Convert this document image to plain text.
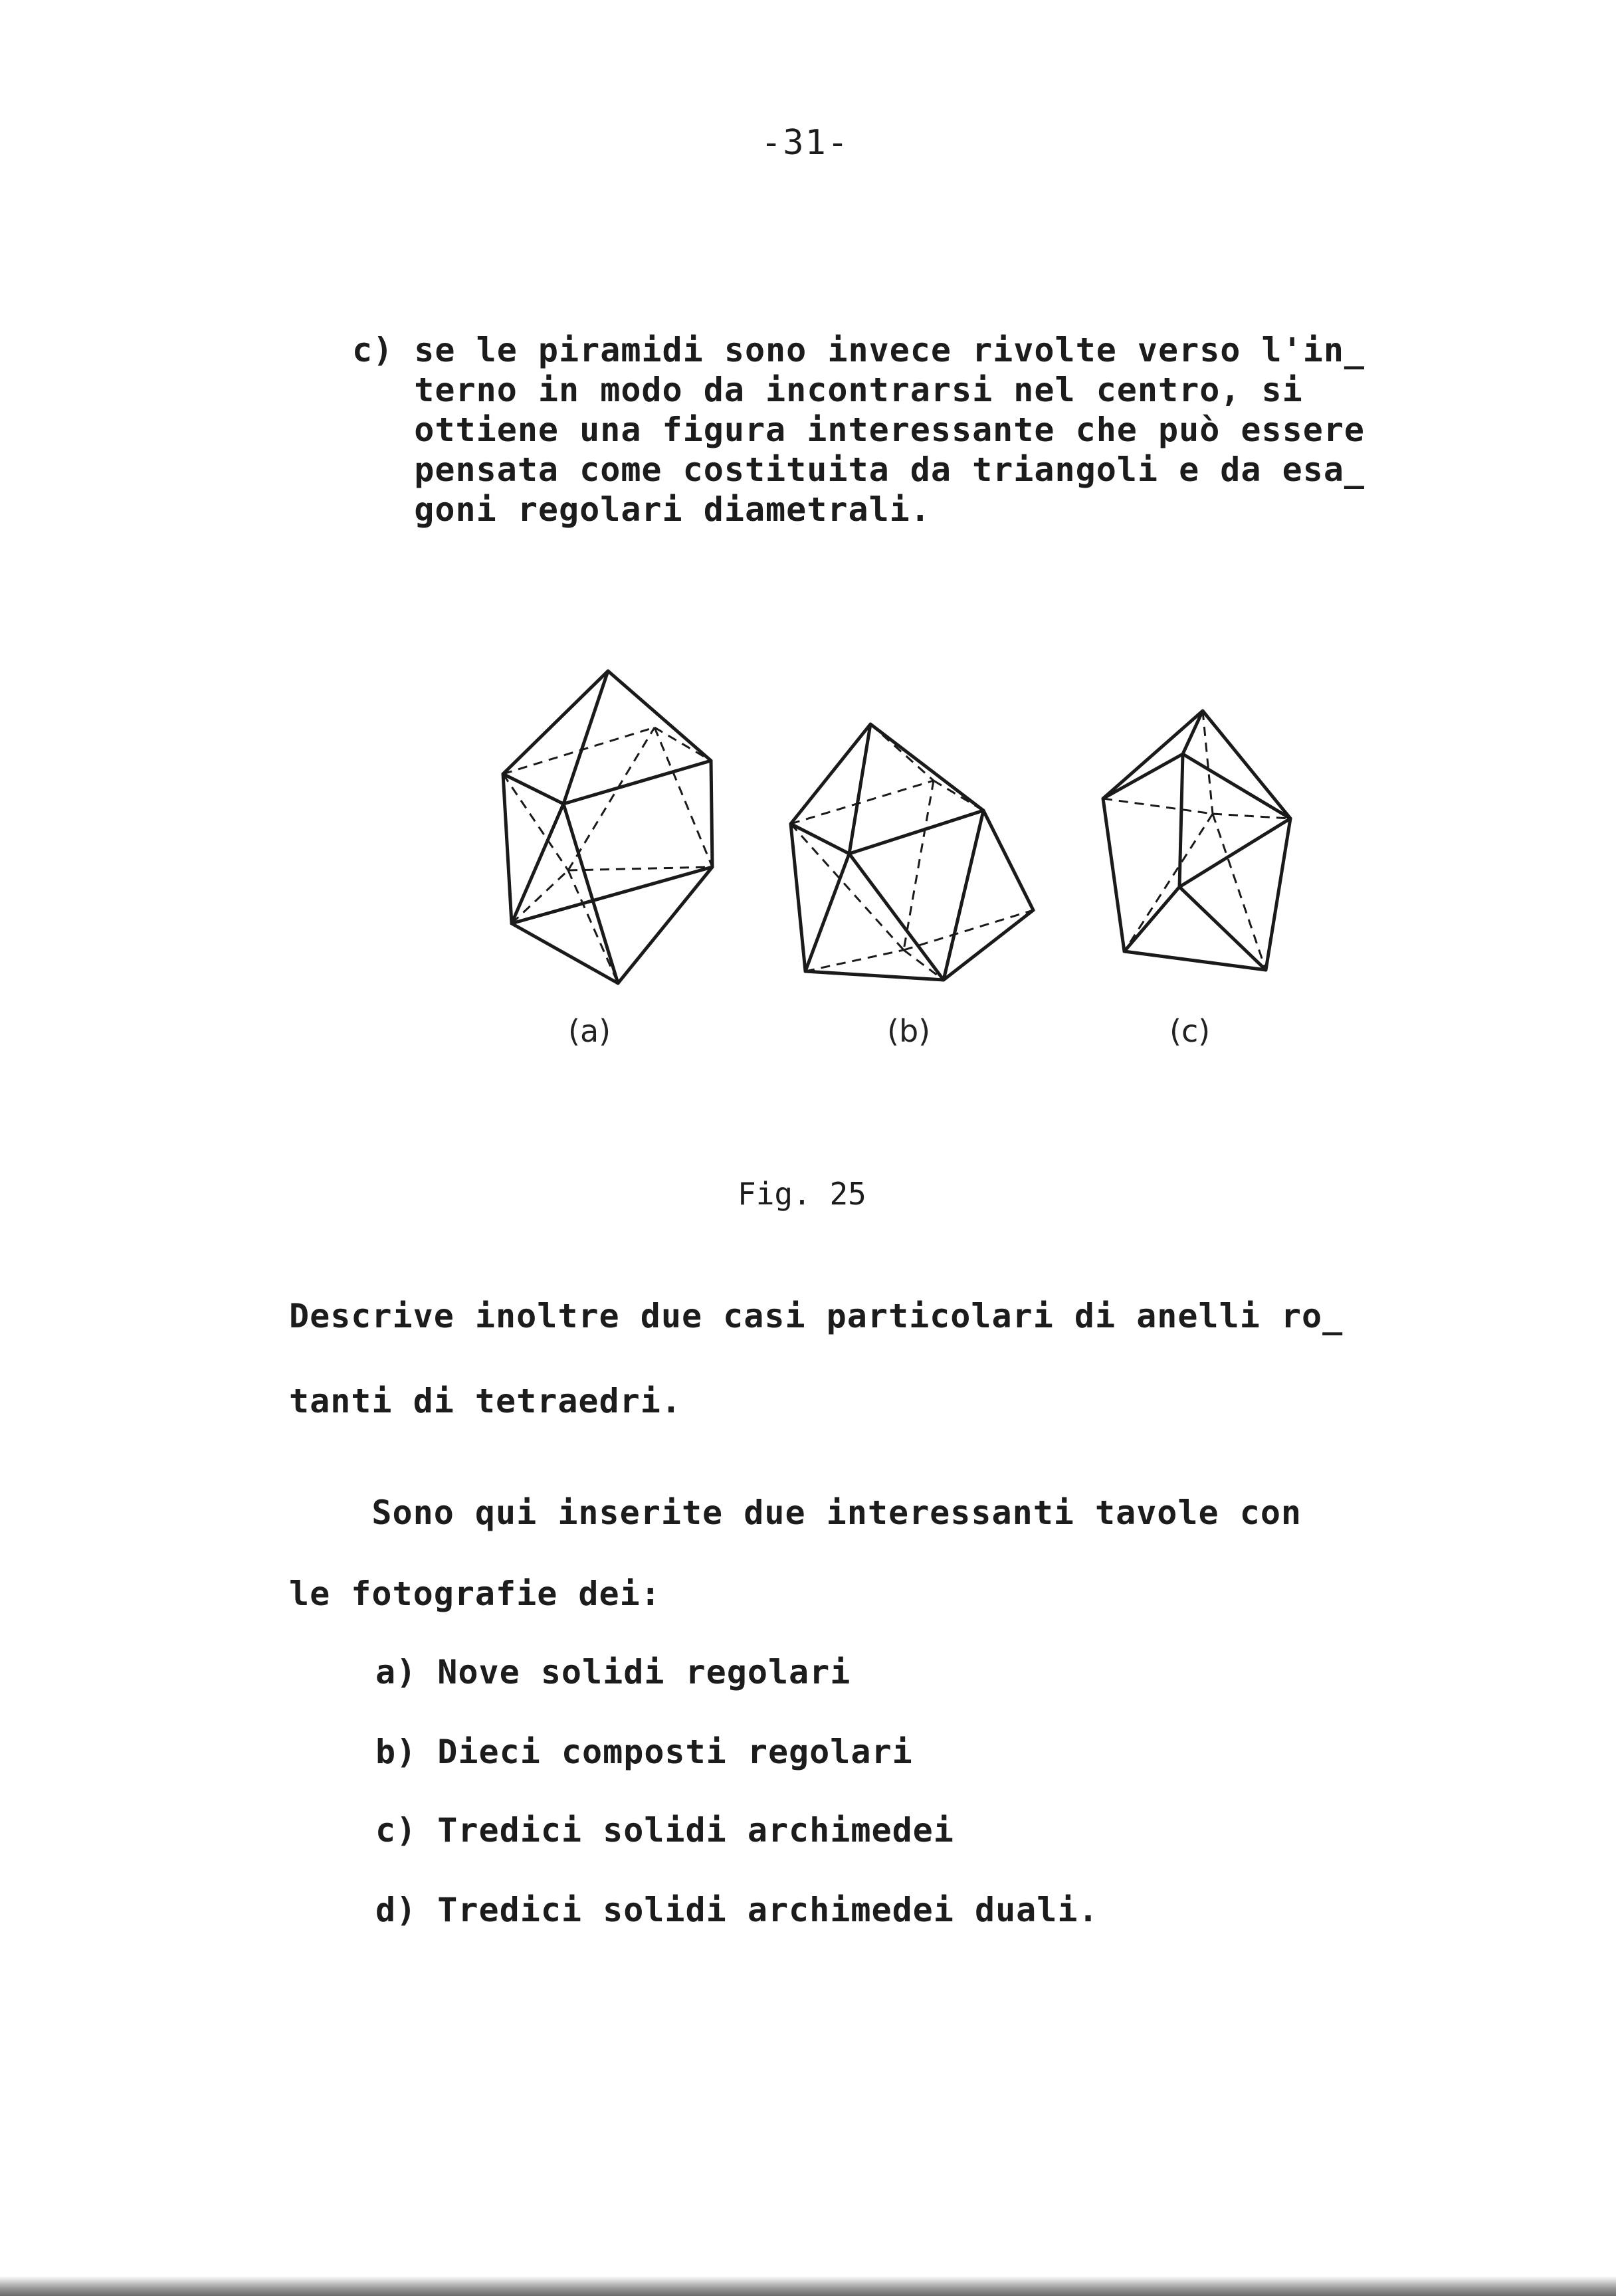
-31-
c) se le piramidi sono invece rivolte verso l'in_
terno in modo da incontrarsi nel centro, si
ottiene una figura interessante che può essere
pensata come costituita da triangoli e da esa_
goni regolari diametrali.
(a)	(b)	(c)
Fig. 25
Descrive inoltre due casi particolari di anelli ro_
tanti di tetraedri.
Sono qui inserite due interessanti tavole con
le fotografie dei:
a) Nove solidi regolari
b) Dieci composti regolari
c) Tredici solidi archimedei
d) Tredici solidi archimedei duali.
